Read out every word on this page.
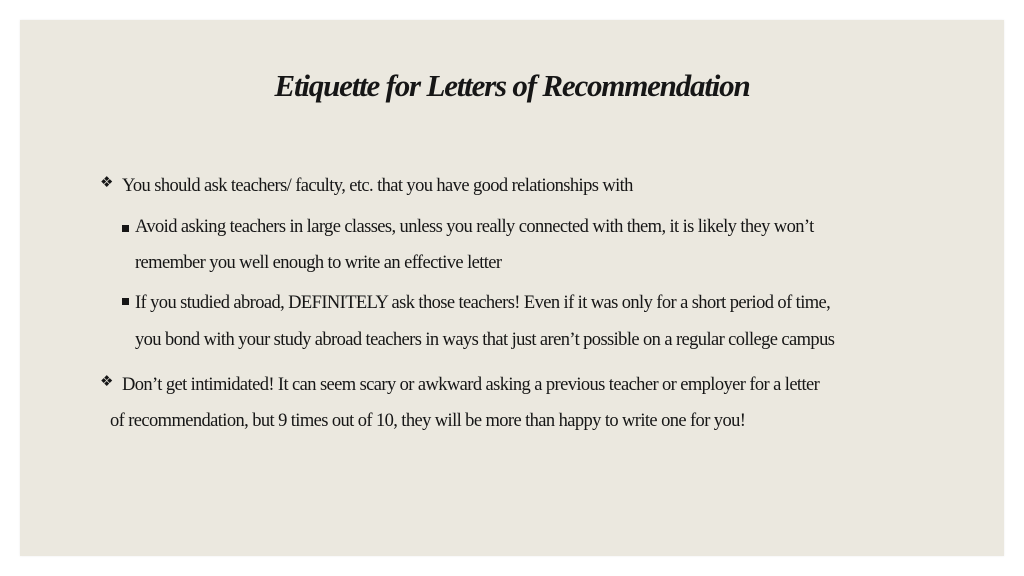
Etiquette for Letters of Recommendation
❖ You should ask teachers/ faculty, etc. that you have good relationships with
Avoid asking teachers in large classes, unless you really connected with them, it is likely they won’t
remember you well enough to write an effective letter
If you studied abroad, DEFINITELY ask those teachers! Even if it was only for a short period of time,
you bond with your study abroad teachers in ways that just aren’t possible on a regular college campus
❖ Don’t get intimidated! It can seem scary or awkward asking a previous teacher or employer for a letter
of recommendation, but 9 times out of 10, they will be more than happy to write one for you!
